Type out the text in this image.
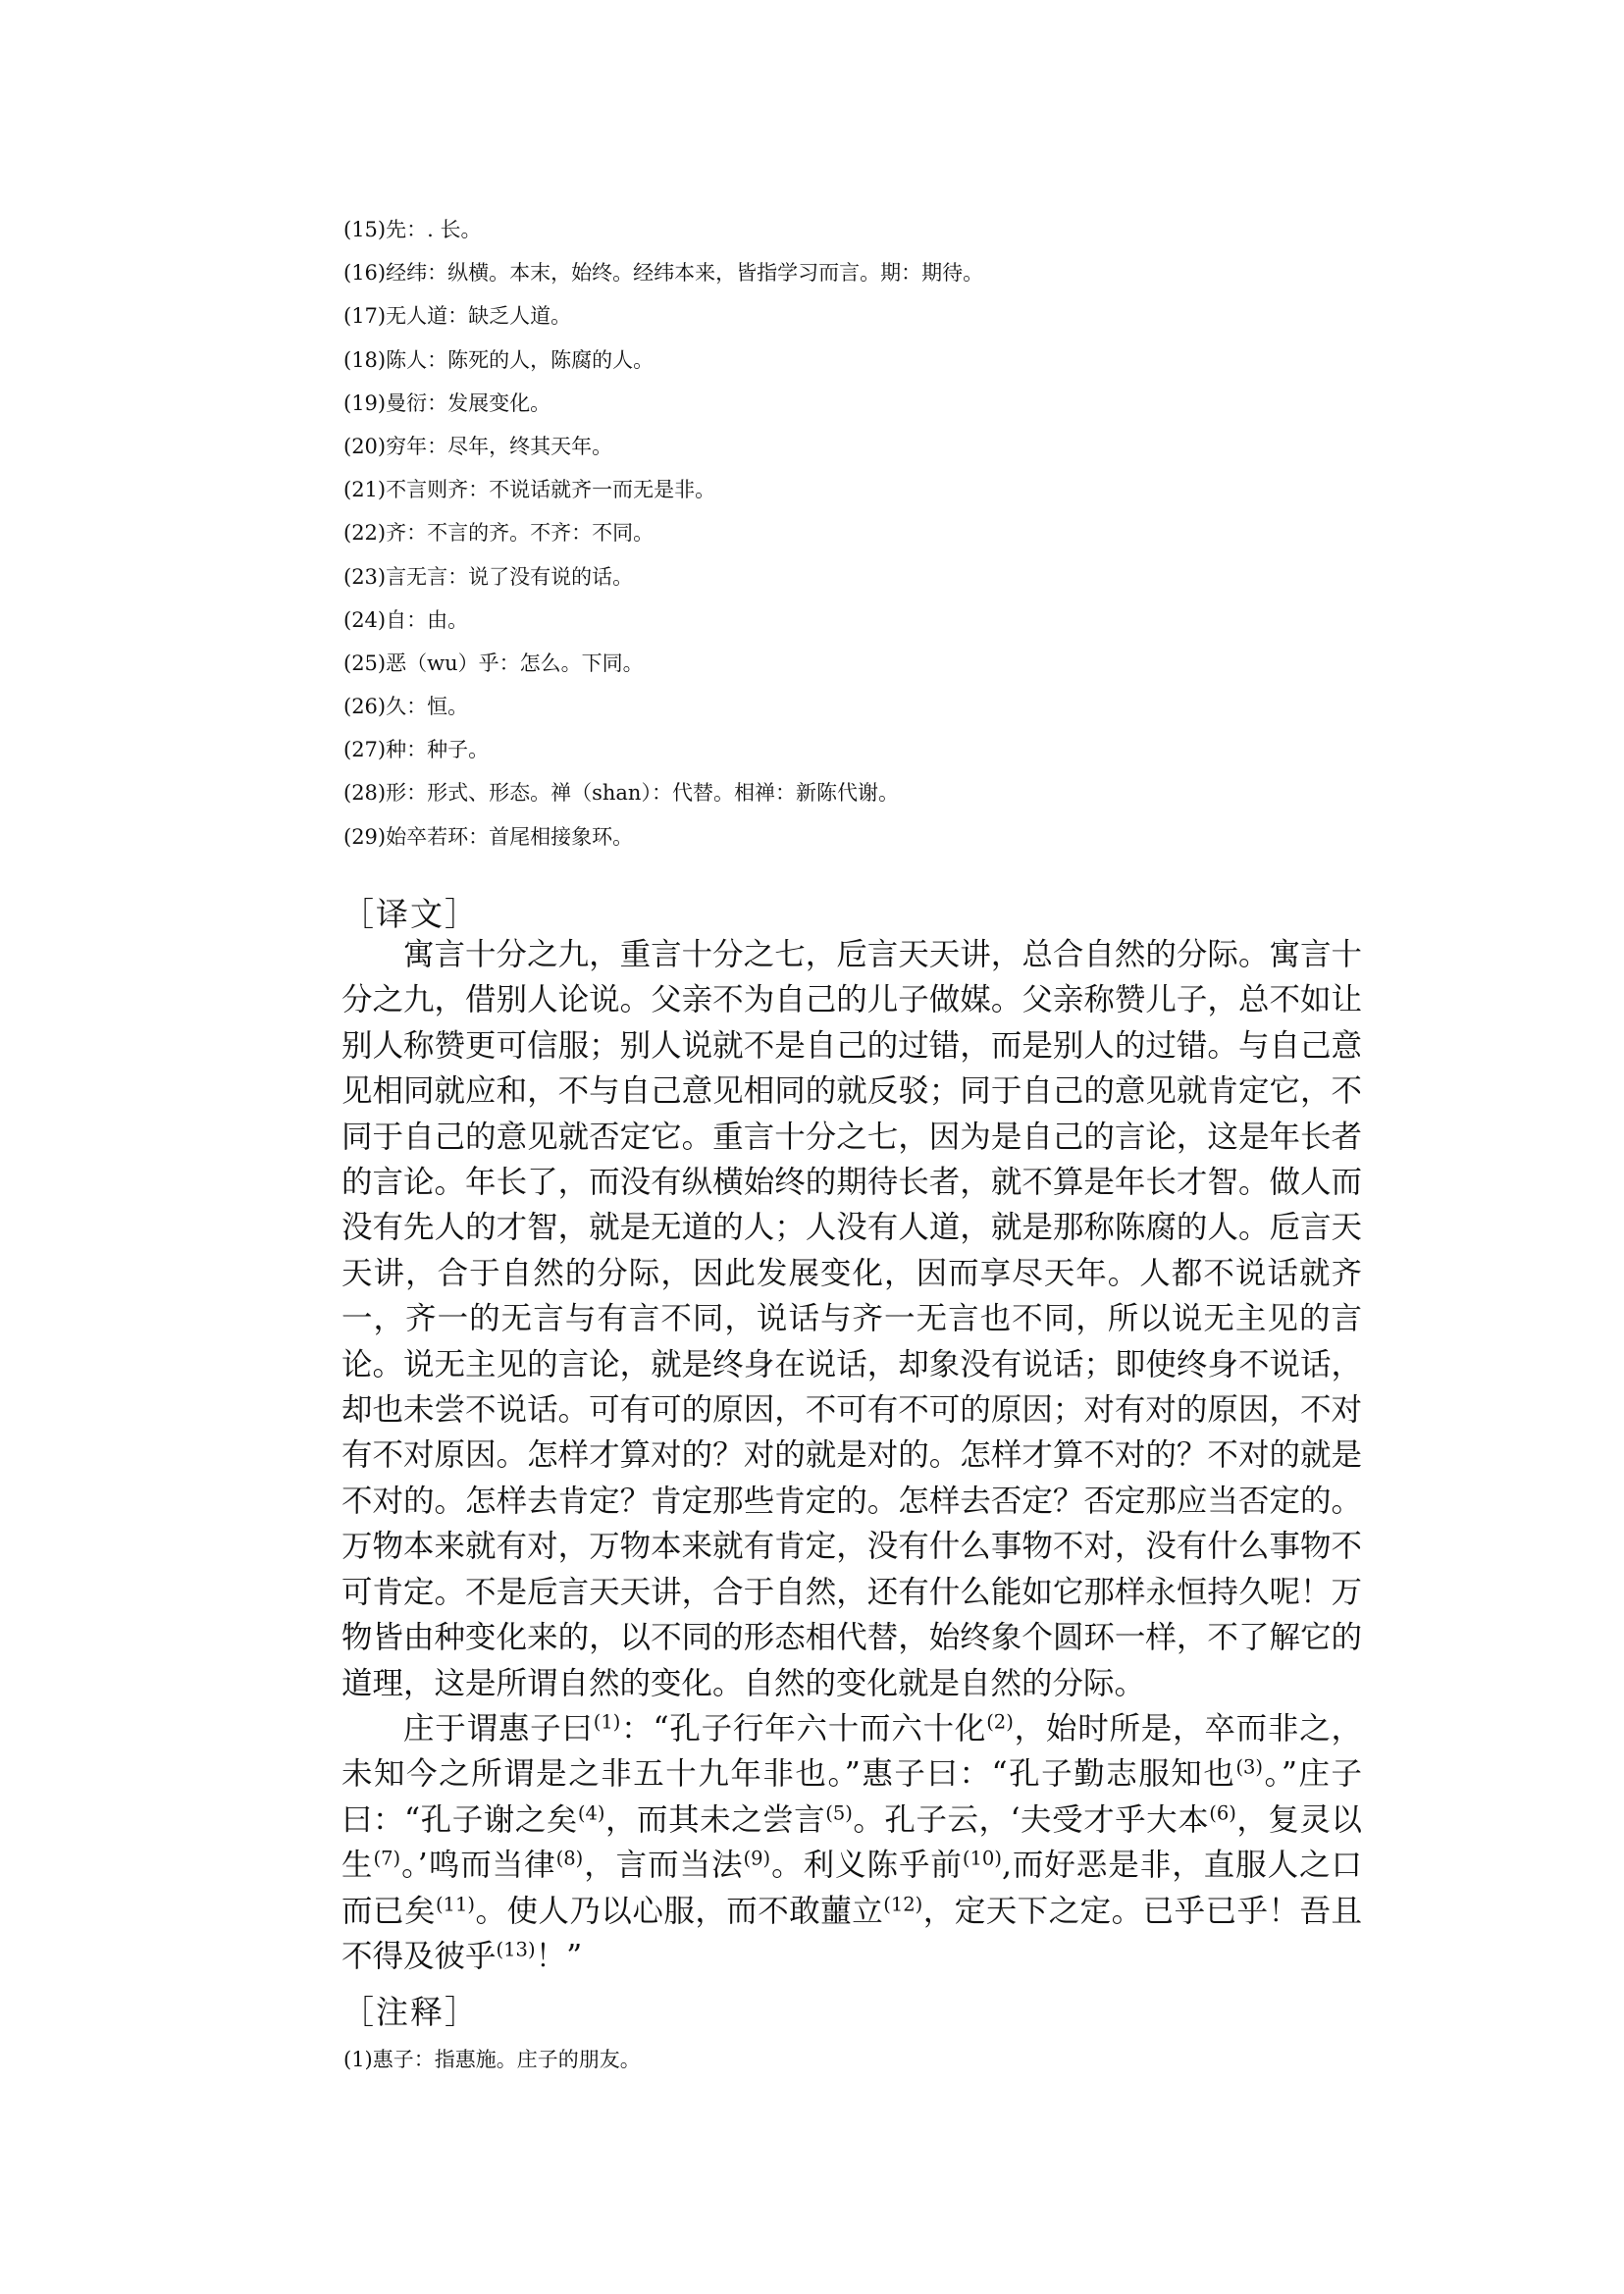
(15)先：. 长。
(16)经纬：纵横。本末，始终。经纬本来，皆指学习而言。期：期待。
(17)无人道：缺乏人道。
(18)陈人：陈死的人，陈腐的人。
(19)曼衍：发展变化。
(20)穷年：尽年，终其天年。
(21)不言则齐：不说话就齐一而无是非。
(22)齐：不言的齐。不齐：不同。
(23)言无言：说了没有说的话。
(24)自：由。
(25)恶（wu）乎：怎么。下同。
(26)久：恒。
(27)种：种子。
(28)形：形式、形态。禅（shan）：代替。相禅：新陈代谢。
(29)始卒若环：首尾相接象环。
［译文］

寓言十分之九，重言十分之七，卮言天天讲，总合自然的分际。寓言十分之九，借别人论说。父亲不为自己的儿子做媒。父亲称赞儿子，总不如让别人称赞更可信服；别人说就不是自己的过错，而是别人的过错。与自己意见相同就应和，不与自己意见相同的就反驳；同于自己的意见就肯定它，不同于自己的意见就否定它。重言十分之七，因为是自己的言论，这是年长者的言论。年长了，而没有纵横始终的期待长者，就不算是年长才智。做人而没有先人的才智，就是无道的人；人没有人道，就是那称陈腐的人。卮言天天讲，合于自然的分际，因此发展变化，因而享尽天年。人都不说话就齐一，齐一的无言与有言不同，说话与齐一无言也不同，所以说无主见的言论。说无主见的言论，就是终身在说话，却象没有说话；即使终身不说话，却也未尝不说话。可有可的原因，不可有不可的原因；对有对的原因，不对有不对原因。怎样才算对的？对的就是对的。怎样才算不对的？不对的就是不对的。怎样去肯定？肯定那些肯定的。怎样去否定？否定那应当否定的。万物本来就有对，万物本来就有肯定，没有什么事物不对，没有什么事物不可肯定。不是卮言天天讲，合于自然，还有什么能如它那样永恒持久呢！万物皆由种变化来的，以不同的形态相代替，始终象个圆环一样，不了解它的道理，这是所谓自然的变化。自然的变化就是自然的分际。

庄于谓惠子曰$^{(1)}$：“孔子行年六十而六十化$^{(2)}$，始时所是，卒而非之，未知今之所谓是之非五十九年非也。”惠子曰：“孔子勤志服知也$^{(3)}$。”庄子曰：“孔子谢之矣$^{(4)}$，而其未之尝言$^{(5)}$。孔子云，‘夫受才乎大本$^{(6)}$，复灵以生$^{(7)}$。’鸣而当律$^{(8)}$，言而当法$^{(9)}$。利义陈乎前$^{(10)}$,而好恶是非，直服人之口而已矣$^{(11)}$。使人乃以心服，而不敢蘁立$^{(12)}$，定天下之定。已乎已乎！吾且不得及彼乎$^{(13)}$！”

［注释］
(1)惠子：指惠施。庄子的朋友。
